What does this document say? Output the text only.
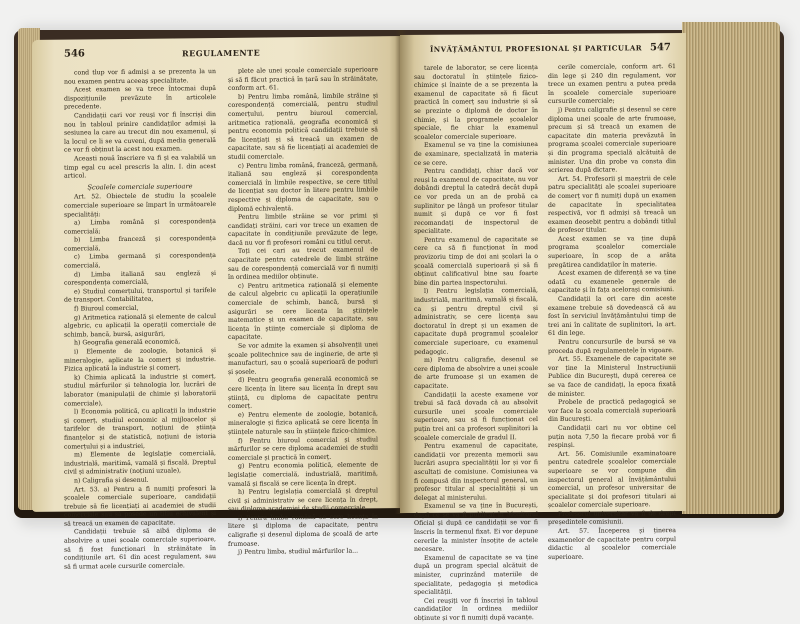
546	REGULAMENTE

cond tlup vor fi admiși a se prezenta la un nou examen pentru aceeaș specialitate.

Acest examen se va trece întocmai după dispozițiunile prevăzute în articolele precedente.

Candidații cari vor reuși vor fi înscriși din nou în tabloul prinire candidaților admiși la sesiunea la care au trecut din nou examenul, și la locul ce li se va cuveni, după media generală ce vor fi obținut la acest nou examen.

Aceasti nouă înscriere va fi și ea valabilă un timp egal cu acel prescris la alin. I. din acest articol.

Școalele comerciale superioare

Art. 52. Obiectele de studiu la școalele comerciale superioare se împart în următoarele specialități:

a) Limba română și corespondența comercială;

b) Limba franceză și corespondența comercială,

c) Limba germană și corespondența comercială,

d) Limba italiană sau engleză și corespondența comercială,

e) Studiul comerțului, transportul și tarifele de transport. Contabilitatea,

f) Biuroul comercial,

g) Aritmetica rațională și elemente de calcul algebric, cu aplicații la operații comerciale de schimb, bancă, bursă, asigurări,

h) Geografia generală economică,

i) Elemente de zoologie, botanică și mineralogie, aplicate la comerț și industrie. Fizica aplicată la industrie și comerț,

k) Chimia aplicată la industrie și comerț, studiul mărfurilor și tehnologia lor, lucrări de laborator (manipulații de chimie și laboratorii comerciale),

l) Economia politică, cu aplicații la industrie și comerț, studiul economic al mijloacelor și tarifelor de transport, noțiuni de știința finanțelor și de statistică, noțiuni de istoria comerțului și a industriei,

m) Elemente de legislație comercială, industrială, maritimă, vamală și fiscală. Dreptul civil și administrativ (noțiuni uzuale),

n) Caligrafia și desenul.

Art. 53. a) Pentru a fi numiți profesori la școalele comerciale superioare, candidații trebuie să fie licențiați ai academiei de studii comerciale sau să posede un titlu echivalent și să treacă un examen de capacitate.

Candidații trebuie să aibă diploma de absolvire a unei școale comerciale superioare, să fi fost funcționari în străinătate în condițiunile art. 61 din acest regulament, sau să fi urmat acele cursurile comerciale.

plete ale unei școale comerciale superioare și să fi făcut practică în țară sau în străinătate, conform art. 61.

b) Pentru limba română, limbile străine și corespondență comercială, pentru studiul comerțului, pentru biuroul comercial, aritmetica rațională, geografia economică și pentru economia politică candidații trebuie să fie licențiați și să treacă un examen de capacitate, sau să fie licențiați ai academiei de studii comerciale.

c) Pentru limba română, franceză, germană, italiană sau engleză și corespondența comercială în limbile respective, se cere titlul de licențiat sau doctor în litere pentru limbile respective și diploma de capacitate, sau o diplomă echivalentă.

Pentru limbile străine se vor primi și candidați străini, cari vor trece un examen de capacitate în condițiunile prevăzute de lege, dacă nu vor fi profesori români cu titlul cerut.

Toți cei cari au trecut examenul de capacitate pentru catedrele de limbi străine sau de corespondență comercială vor fi numiți în ordinea mediilor obținute.

c) Pentru aritmetica rațională și elemente de calcul algebric cu aplicații la operațiunile comerciale de schimb, bancă, bursă și asigurări se cere licența în științele matematice și un examen de capacitate, sau licența în științe comerciale și diploma de capacitate.

Se vor admite la examen și absolvenții unei școale politechnice sau de inginerie, de arte și manufacturi, sau o școală superioară de poduri și șosele.

d) Pentru geografia generală economică se cere licența în litere sau licența în drept sau știință, cu diploma de capacitate pentru comerț.

e) Pentru elemente de zoologie, botanică, mineralogie și fizica aplicată se cere licența în științele naturale sau în științele fizico-chimice.

f) Pentru biuroul comercial și studiul mărfurilor se cere diploma academiei de studii comerciale și practică în comerț.

g) Pentru economia politică, elemente de legislație comercială, industrială, maritimă, vamală și fiscală se cere licența în drept.

h) Pentru legislația comercială și dreptul civil și administrativ se cere licența în drept, sau diploma academiei de studii comerciale.

i) Pentru limba română se cere licența în litere și diploma de capacitate, pentru caligrafie și desenul diploma de școală de arte frumoase.

j) Pentru limba, studiul mărfurilor la...

ÎNVĂȚĂMÂNTUL PROFESIONAL ȘI PARTICULAR 547

tarele de laborator, se cere licența sau doctoratul în științele fizico-chimice și înainte de a se prezenta la examenul de capacitate să fi făcut practică în comerț sau industrie și să se prezinte o diplomă de doctor în chimie, și la programele școalelor speciale, fie chiar la examenul școalelor comerciale superioare.

Examenul se va ține la comisiunea de examinare, specializată în materia ce se cere.

Pentru candidați, chiar dacă vor reuși la examenul de capacitate, nu vor dobândi dreptul la catedră decât după ce vor preda un an de probă ca suplinitor pe lângă un profesor titular numit și după ce vor fi fost recomandați de inspectorul de specialitate.

Pentru examenul de capacitate se cere ca să fi funcționat în mod provizoriu timp de doi ani școlari la o școală comercială superioară și să fi obținut calificativul bine sau foarte bine din partea inspectorului.

l) Pentru legislația comercială, industrială, maritimă, vamală și fiscală, ca și pentru dreptul civil și administrativ, se cere licența sau doctoratul în drept și un examen de capacitate după programul școalelor comerciale superioare, cu examenul pedagogic.

m) Pentru caligrafie, desenul se cere diploma de absolvire a unei școale de arte frumoase și un examen de capacitate.

Candidații la aceste examene vor trebui să facă dovada că au absolvit cursurile unei școale comerciale superioare, sau să fi funcționat cel puțin trei ani ca profesori suplinitori la școalele comerciale de gradul II.

Pentru examenul de capacitate, candidații vor prezenta memorii sau lucrări asupra specialității lor și vor fi ascultați de comisiune. Comisiunea va fi compusă din inspectorul general, un profesor titular al specialității și un delegat al ministerului.

Examenul se va ține în București, după ce se va fi publicat în Monitorul Oficial și după ce candidații se vor fi înscris în termenul fixat. Ei vor depune cererile la minister însoțite de actele necesare.

Examenul de capacitate se va ține după un program special alcătuit de minister, cuprinzând materiile de specialitate, pedagogia și metodica specialității.

Cei reușiți vor fi înscriși în tabloul candidaților în ordinea mediilor obținute și vor fi numiți după vacanțe.

cerile comerciale, conform art. 61 din lege și 240 din regulament, vor trece un examen pentru a putea preda în școalele comerciale superioare cursurile comerciale;

j) Pentru caligrafie și desenul se cere diploma unei școale de arte frumoase, precum și să treacă un examen de capacitate din materia prevăzută în programa școalei comerciale superioare și din programa specială alcătuită de minister. Una din probe va consta din scrierea după dictare.

Art. 54. Profesorii și maeștrii de cele patru specialități ale școalei superioare de comerț vor fi numiți după un examen de capacitate în specialitatea respectivă, vor fi admiși să treacă un examen deosebit pentru a dobândi titlul de profesor titular.

Acest examen se va ține după programa școalelor comerciale superioare, în scop de a arăta pregătirea candidaților în materie.

Acest examen de diferență se va ține odată cu examenele generale de capacitate și în fața acelorași comisiuni.

Candidații la ori care din aceste examene trebuie să dovedească că au fost în serviciul învățământului timp de trei ani în calitate de suplinitori, la art. 61 din lege.

Pentru concursurile de bursă se va proceda după regulamentele în vigoare.

Art. 55. Examenele de capacitate se vor ține la Ministerul Instrucțiunii Publice din București, după cererea ce se va face de candidați, la epoca fixată de minister.

Probele de practică pedagogică se vor face la școala comercială superioară din București.

Candidații cari nu vor obține cel puțin nota 7,50 la fiecare probă vor fi respinși.

Art. 56. Comisiunile examinatoare pentru catedrele școalelor comerciale superioare se vor compune din inspectorul general al învățământului comercial, un profesor universitar de specialitate și doi profesori titulari ai școalelor comerciale superioare.

Profesorul universitar va fi de drept președintele comisiunii.

Art. 57. Începerea și ținerea examenelor de capacitate pentru corpul didactic al școalelor comerciale superioare.
